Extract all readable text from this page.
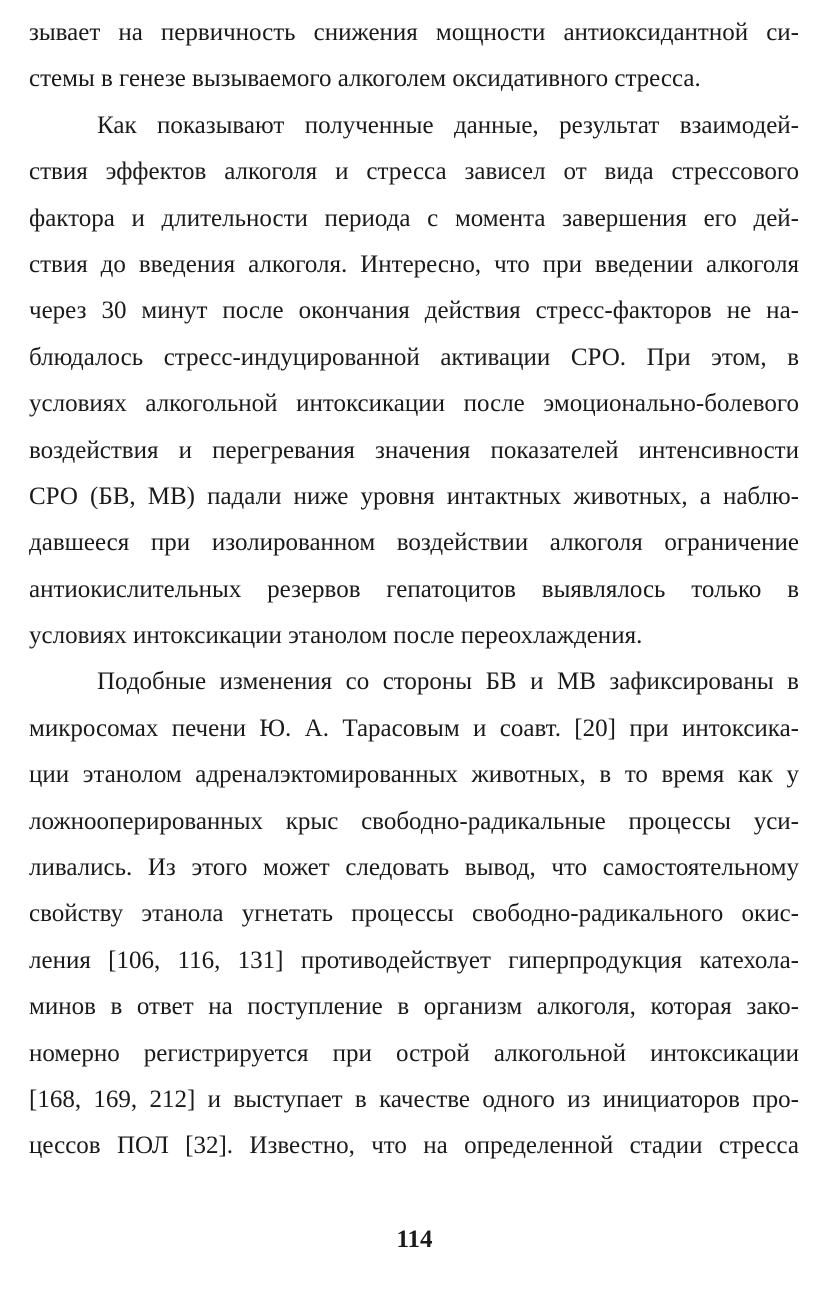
зывает на первичность снижения мощности антиоксидантной си-
стемы в генезе вызываемого алкоголем оксидативного стресса.
Как показывают полученные данные, результат взаимодей-
ствия эффектов алкоголя и стресса зависел от вида стрессового
фактора и длительности периода с момента завершения его дей-
ствия до введения алкоголя. Интересно, что при введении алкоголя
через 30 минут после окончания действия стресс-факторов не на-
блюдалось стресс-индуцированной активации СРО. При этом, в
условиях алкогольной интоксикации после эмоционально-болевого
воздействия и перегревания значения показателей интенсивности
СРО (БВ, МВ) падали ниже уровня интактных животных, а наблю-
давшееся при изолированном воздействии алкоголя ограничение
антиокислительных резервов гепатоцитов выявлялось только в
условиях интоксикации этанолом после переохлаждения.
Подобные изменения со стороны БВ и МВ зафиксированы в
микросомах печени Ю. А. Тарасовым и соавт. [20] при интоксика-
ции этанолом адреналэктомированных животных, в то время как у
ложнооперированных крыс свободно-радикальные процессы уси-
ливались. Из этого может следовать вывод, что самостоятельному
свойству этанола угнетать процессы свободно-радикального окис-
ления [106, 116, 131] противодействует гиперпродукция катехола-
минов в ответ на поступление в организм алкоголя, которая зако-
номерно регистрируется при острой алкогольной интоксикации
[168, 169, 212] и выступает в качестве одного из инициаторов про-
цессов ПОЛ [32]. Известно, что на определенной стадии стресса
114
